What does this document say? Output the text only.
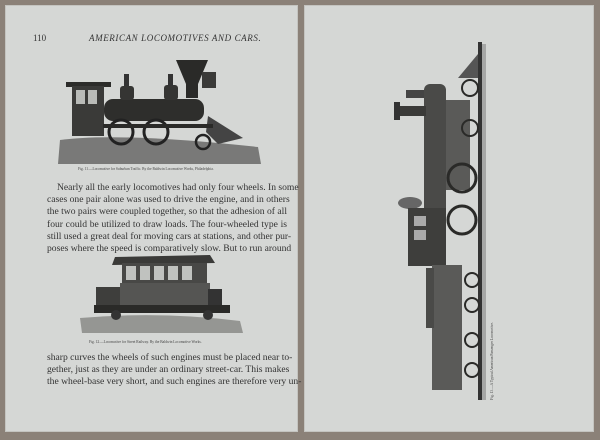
110	AMERICAN LOCOMOTIVES AND CARS.
Fig. 11.—Locomotive for Suburban Traffic. By the Baldwin Locomotive Works, Philadelphia.
Nearly all the early locomotives had only four wheels. In some
cases one pair alone was used to drive the engine, and in others
the two pairs were coupled together, so that the adhesion of all
four could be utilized to draw loads. The four-wheeled type is
still used a great deal for moving cars at stations, and other pur-
poses where the speed is comparatively slow. But to run around
Fig. 12.—Locomotive for Street Railway. By the Baldwin Locomotive Works.
sharp curves the wheels of such engines must be placed near to-
gether, just as they are under an ordinary street-car. This makes
the wheel-base very short, and such engines are therefore very un-	Fig. 13.—A Typical American Passenger Locomotive.
